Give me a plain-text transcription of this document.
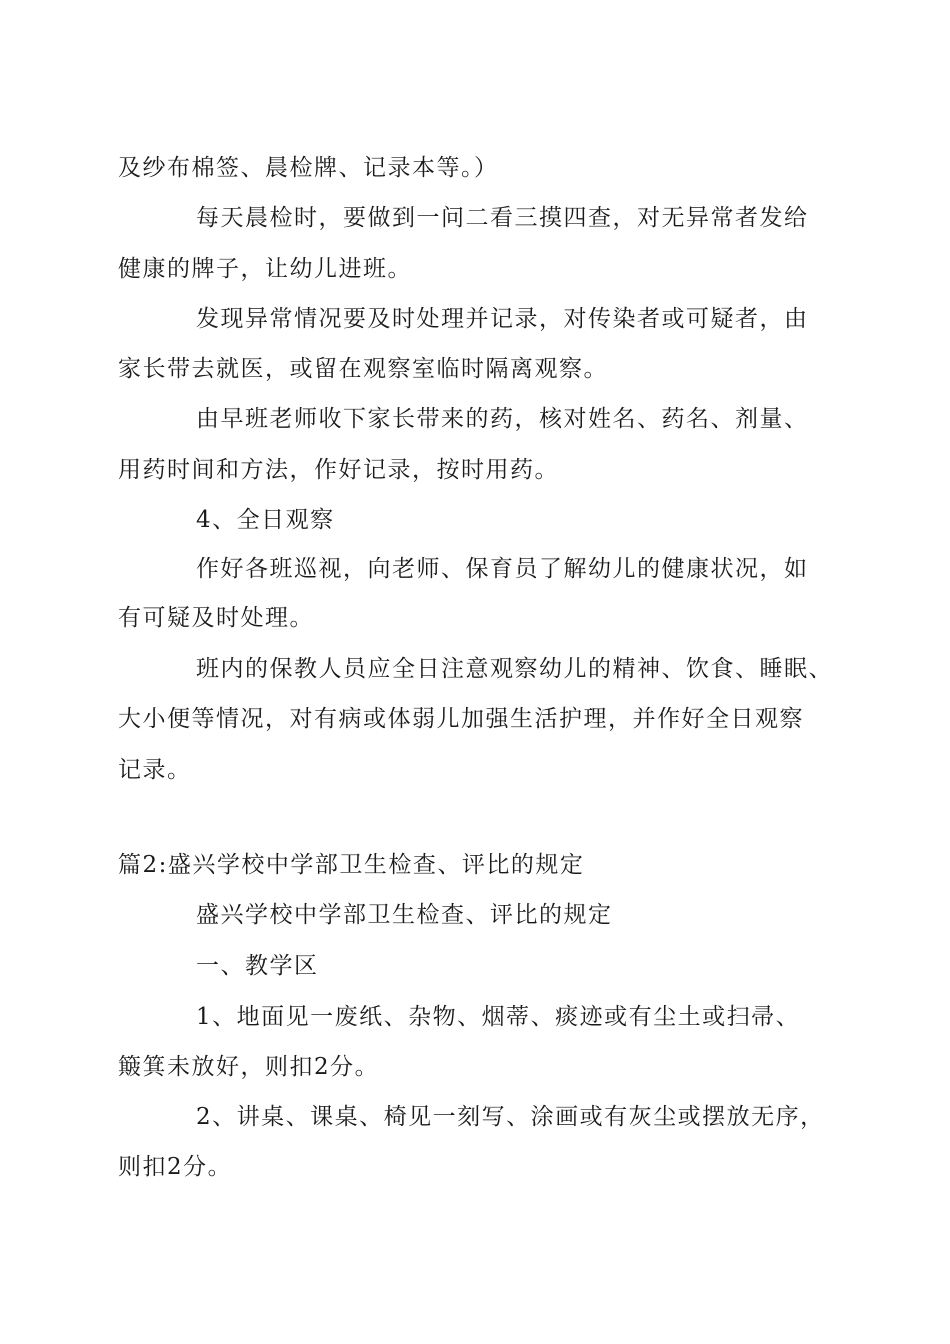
及纱布棉签、晨检牌、记录本等。）
每天晨检时，要做到一问二看三摸四查，对无异常者发给
健康的牌子，让幼儿进班。
发现异常情况要及时处理并记录，对传染者或可疑者，由
家长带去就医，或留在观察室临时隔离观察。
由早班老师收下家长带来的药，核对姓名、药名、剂量、
用药时间和方法，作好记录，按时用药。
4、全日观察
作好各班巡视，向老师、保育员了解幼儿的健康状况，如
有可疑及时处理。
班内的保教人员应全日注意观察幼儿的精神、饮食、睡眠、
大小便等情况，对有病或体弱儿加强生活护理，并作好全日观察
记录。
篇2:盛兴学校中学部卫生检查、评比的规定
盛兴学校中学部卫生检查、评比的规定
一、教学区
1、地面见一废纸、杂物、烟蒂、痰迹或有尘土或扫帚、
簸箕未放好，则扣2分。
2、讲桌、课桌、椅见一刻写、涂画或有灰尘或摆放无序，
则扣2分。
